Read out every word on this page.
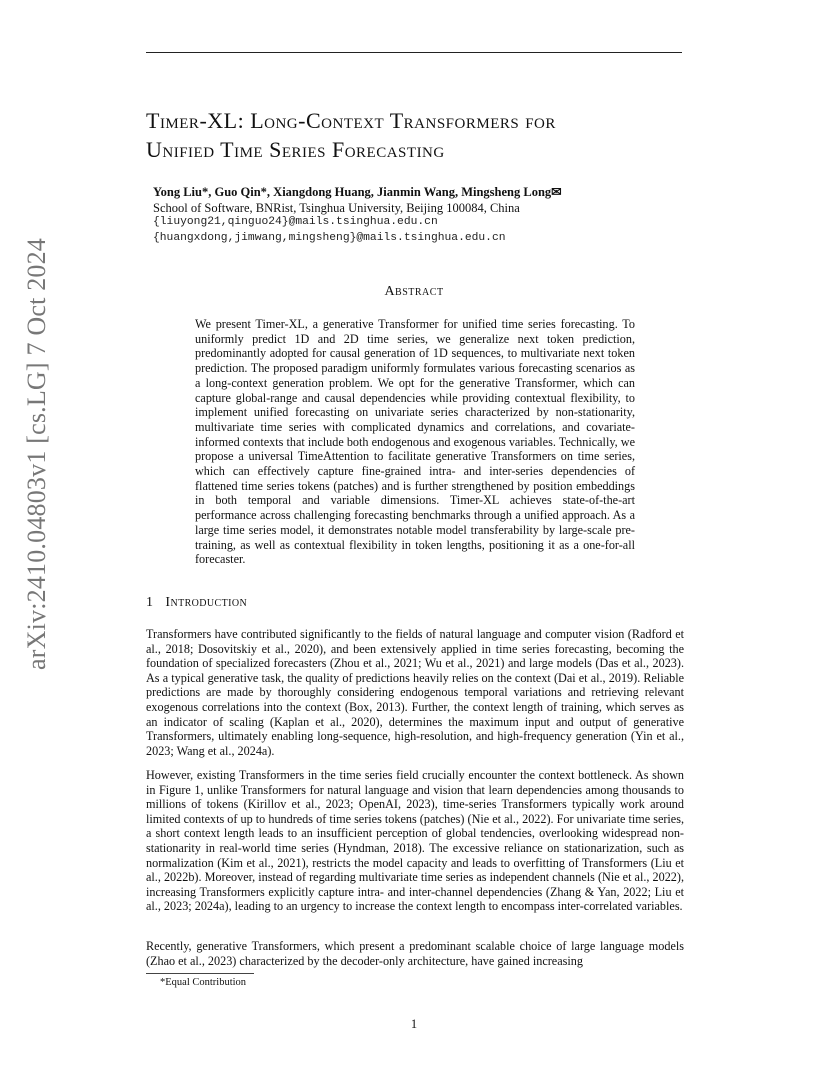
arXiv:2410.04803v1 [cs.LG] 7 Oct 2024
Timer-XL: Long-Context Transformers for
Unified Time Series Forecasting
Yong Liu*, Guo Qin*, Xiangdong Huang, Jianmin Wang, Mingsheng Long✉
School of Software, BNRist, Tsinghua University, Beijing 100084, China
{liuyong21,qinguo24}@mails.tsinghua.edu.cn
{huangxdong,jimwang,mingsheng}@mails.tsinghua.edu.cn
Abstract
We present Timer-XL, a generative Transformer for unified time series forecasting. To uniformly predict 1D and 2D time series, we generalize next token prediction, predominantly adopted for causal generation of 1D sequences, to multivariate next token prediction. The proposed paradigm uniformly formulates various forecasting scenarios as a long-context generation problem. We opt for the generative Transformer, which can capture global-range and causal dependencies while providing contextual flexibility, to implement unified forecasting on univariate series characterized by non-stationarity, multivariate time series with complicated dynamics and correlations, and covariate-informed contexts that include both endogenous and exogenous variables. Technically, we propose a universal TimeAttention to facilitate generative Transformers on time series, which can effectively capture fine-grained intra- and inter-series dependencies of flattened time series tokens (patches) and is further strengthened by position embeddings in both temporal and variable dimensions. Timer-XL achieves state-of-the-art performance across challenging forecasting benchmarks through a unified approach. As a large time series model, it demonstrates notable model transferability by large-scale pre-training, as well as contextual flexibility in token lengths, positioning it as a one-for-all forecaster.
1 Introduction
Transformers have contributed significantly to the fields of natural language and computer vision (Radford et al., 2018; Dosovitskiy et al., 2020), and been extensively applied in time series forecasting, becoming the foundation of specialized forecasters (Zhou et al., 2021; Wu et al., 2021) and large models (Das et al., 2023). As a typical generative task, the quality of predictions heavily relies on the context (Dai et al., 2019). Reliable predictions are made by thoroughly considering endogenous temporal variations and retrieving relevant exogenous correlations into the context (Box, 2013). Further, the context length of training, which serves as an indicator of scaling (Kaplan et al., 2020), determines the maximum input and output of generative Transformers, ultimately enabling long-sequence, high-resolution, and high-frequency generation (Yin et al., 2023; Wang et al., 2024a).
However, existing Transformers in the time series field crucially encounter the context bottleneck. As shown in Figure 1, unlike Transformers for natural language and vision that learn dependencies among thousands to millions of tokens (Kirillov et al., 2023; OpenAI, 2023), time-series Transformers typically work around limited contexts of up to hundreds of time series tokens (patches) (Nie et al., 2022). For univariate time series, a short context length leads to an insufficient perception of global tendencies, overlooking widespread non-stationarity in real-world time series (Hyndman, 2018). The excessive reliance on stationarization, such as normalization (Kim et al., 2021), restricts the model capacity and leads to overfitting of Transformers (Liu et al., 2022b). Moreover, instead of regarding multivariate time series as independent channels (Nie et al., 2022), increasing Transformers explicitly capture intra- and inter-channel dependencies (Zhang & Yan, 2022; Liu et al., 2023; 2024a), leading to an urgency to increase the context length to encompass inter-correlated variables.
Recently, generative Transformers, which present a predominant scalable choice of large language models (Zhao et al., 2023) characterized by the decoder-only architecture, have gained increasing
*Equal Contribution
1
